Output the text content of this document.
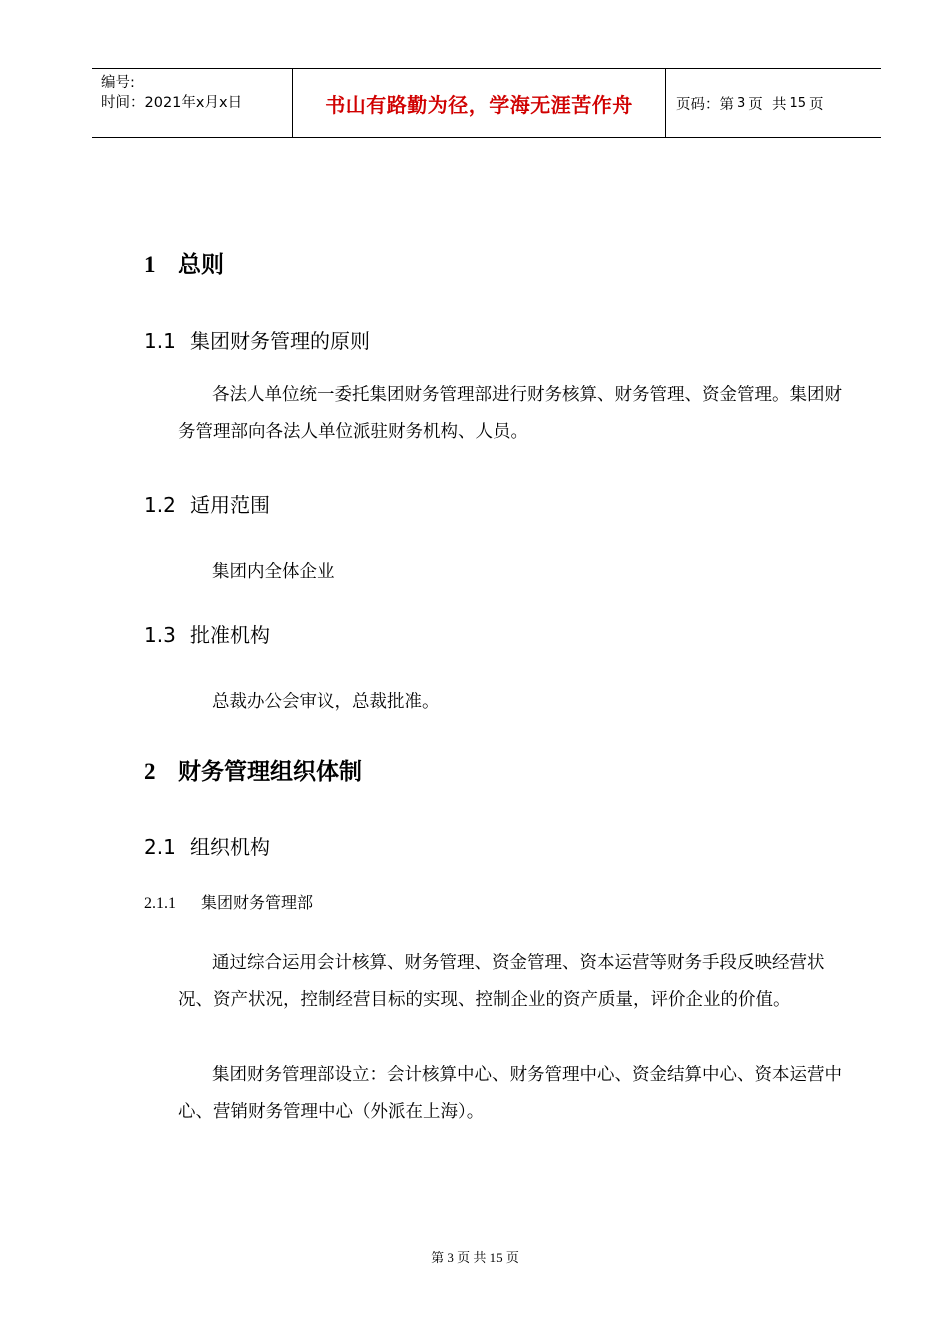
编号:
时间：2021年x月x日	书山有路勤为径，学海无涯苦作舟	页码：第 3 页  共 15 页
1 总则
1.1 集团财务管理的原则

各法人单位统一委托集团财务管理部进行财务核算、财务管理、资金管理。集团财务管理部向各法人单位派驻财务机构、人员。

1.2 适用范围

集团内全体企业

1.3 批准机构

总裁办公会审议，总裁批准。

2 财务管理组织体制
2.1 组织机构
2.1.1 集团财务管理部

通过综合运用会计核算、财务管理、资金管理、资本运营等财务手段反映经营状况、资产状况，控制经营目标的实现、控制企业的资产质量，评价企业的价值。

集团财务管理部设立：会计核算中心、财务管理中心、资金结算中心、资本运营中心、营销财务管理中心（外派在上海）。

第 3 页 共 15 页
